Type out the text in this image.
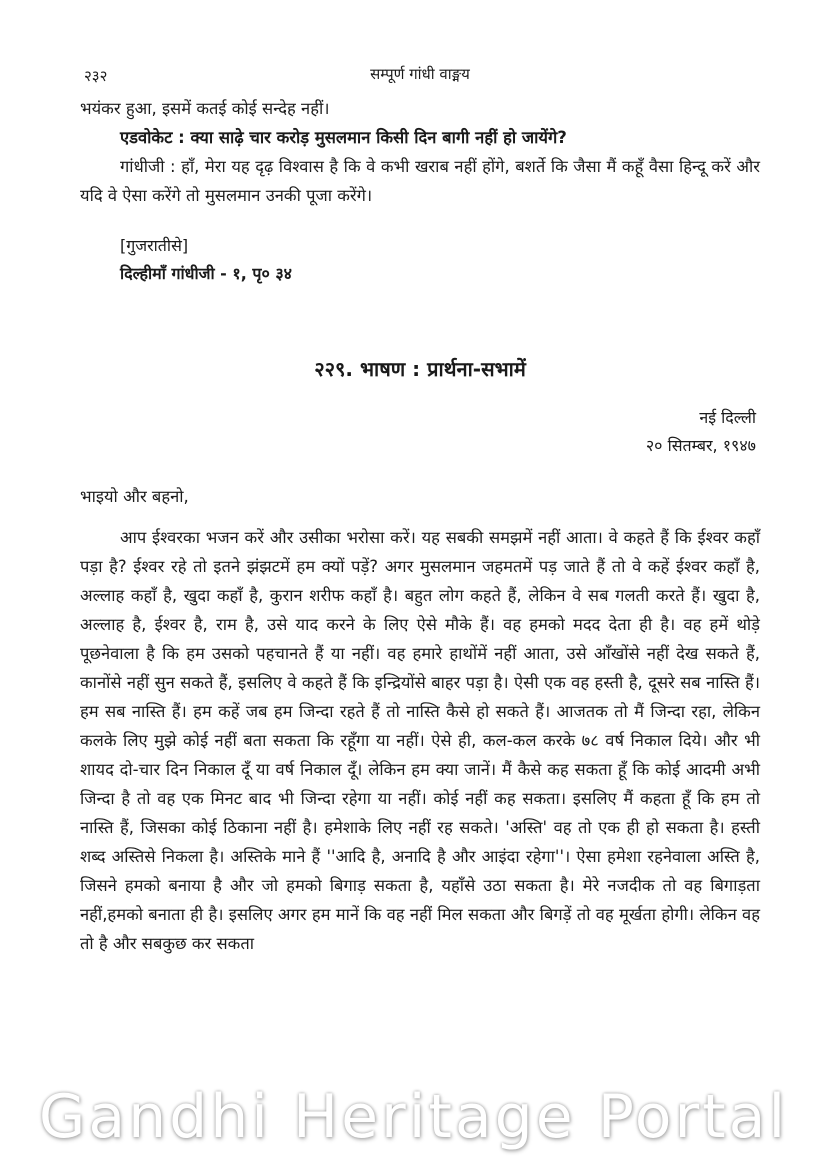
२३२	सम्पूर्ण गांधी वाङ्मय

भयंकर हुआ, इसमें कतई कोई सन्देह नहीं।

एडवोकेट : क्या साढ़े चार करोड़ मुसलमान किसी दिन बागी नहीं हो जायेंगे?

गांधीजी : हाँ, मेरा यह दृढ़ विश्वास है कि वे कभी खराब नहीं होंगे, बशर्ते कि जैसा मैं कहूँ वैसा हिन्दू करें और यदि वे ऐसा करेंगे तो मुसलमान उनकी पूजा करेंगे।

[गुजरातीसे]
दिल्हीमाँ गांधीजी - १, पृ० ३४
२२९. भाषण : प्रार्थना-सभामें
नई दिल्ली
२० सितम्बर, १९४७

भाइयो और बहनो,

आप ईश्वरका भजन करें और उसीका भरोसा करें। यह सबकी समझमें नहीं आता। वे कहते हैं कि ईश्वर कहाँ पड़ा है? ईश्वर रहे तो इतने झंझटमें हम क्यों पड़ें? अगर मुसलमान जहमतमें पड़ जाते हैं तो वे कहें ईश्वर कहाँ है, अल्लाह कहाँ है, खुदा कहाँ है, कुरान शरीफ कहाँ है। बहुत लोग कहते हैं, लेकिन वे सब गलती करते हैं। खुदा है, अल्लाह है, ईश्वर है, राम है, उसे याद करने के लिए ऐसे मौके हैं। वह हमको मदद देता ही है। वह हमें थोड़े पूछनेवाला है कि हम उसको पहचानते हैं या नहीं। वह हमारे हाथोंमें नहीं आता, उसे आँखोंसे नहीं देख सकते हैं, कानोंसे नहीं सुन सकते हैं, इसलिए वे कहते हैं कि इन्द्रियोंसे बाहर पड़ा है। ऐसी एक वह हस्ती है, दूसरे सब नास्ति हैं। हम सब नास्ति हैं। हम कहें जब हम जिन्दा रहते हैं तो नास्ति कैसे हो सकते हैं। आजतक तो मैं जिन्दा रहा, लेकिन कलके लिए मुझे कोई नहीं बता सकता कि रहूँगा या नहीं। ऐसे ही, कल-कल करके ७८ वर्ष निकाल दिये। और भी शायद दो-चार दिन निकाल दूँ या वर्ष निकाल दूँ। लेकिन हम क्या जानें। मैं कैसे कह सकता हूँ कि कोई आदमी अभी जिन्दा है तो वह एक मिनट बाद भी जिन्दा रहेगा या नहीं। कोई नहीं कह सकता। इसलिए मैं कहता हूँ कि हम तो नास्ति हैं, जिसका कोई ठिकाना नहीं है। हमेशाके लिए नहीं रह सकते। 'अस्ति' वह तो एक ही हो सकता है। हस्ती शब्द अस्तिसे निकला है। अस्तिके माने हैं ''आदि है, अनादि है और आइंदा रहेगा''। ऐसा हमेशा रहनेवाला अस्ति है, जिसने हमको बनाया है और जो हमको बिगाड़ सकता है, यहाँसे उठा सकता है। मेरे नजदीक तो वह बिगाड़ता नहीं,हमको बनाता ही है। इसलिए अगर हम मानें कि वह नहीं मिल सकता और बिगड़ें तो वह मूर्खता होगी। लेकिन वह तो है और सबकुछ कर सकता

Gandhi Heritage Portal
